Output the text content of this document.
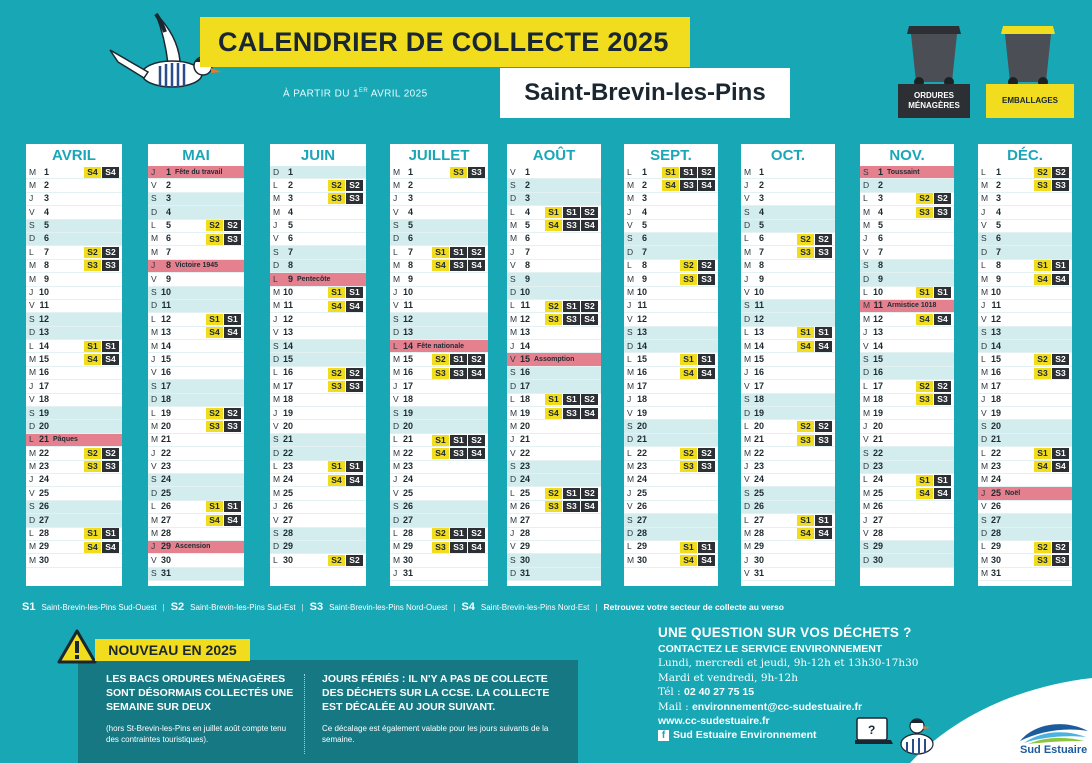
CALENDRIER DE COLLECTE 2025
À PARTIR DU 1ER AVRIL 2025	Saint-Brevin-les-Pins	ORDURES MÉNAGÈRES
EMBALLAGES
AVRIL
M 1	S4 S4
M 2
J	3
V	4
S	5
D 6
L	7	S2 S2
M 8	S3 S3
M 9
J 10
V 11
S 12
D 13
L 14	S1 S1
M 15	S4 S4
M 16
J 17
V 18
S 19
D 20
L 21 Pâques
M 22	S2 S2
M 23	S3 S3
J 24
V 25
S 26
D 27
L 28	S1 S1
M 29	S4 S4
M 30
MAI
J	1 Fête du travail
V	2
S	3
D 4
L	5	S2 S2
M 6	S3 S3
M 7
J	8 Victoire 1945
V	9
S 10
D 11
L 12	S1 S1
M 13	S4 S4
M 14
J 15
V 16
S 17
D 18
L 19	S2 S2
M 20	S3 S3
M 21
J 22
V 23
S 24
D 25
L 26	S1 S1
M 27	S4 S4
M 28
J 29 Ascension
V 30
S 31
JUIN
D 1
L	2	S2 S2
M 3	S3 S3
M 4
J	5
V	6
S	7
D 8
L	9 Pentecôte
M 10	S1 S1
M 11	S4 S4
J 12
V 13
S 14
D 15
L 16	S2 S2
M 17	S3 S3
M 18
J 19
V 20
S 21
D 22
L 23	S1 S1
M 24	S4 S4
M 25
J 26
V 27
S 28
D 29
L 30	S2 S2
JUILLET
M 1	S3 S3
M 2
J	3
V	4
S	5
D 6
L	7	S1 S1 S2
M 8	S4 S3 S4
M 9
J 10
V 11
S 12
D 13
L 14 Fête nationale
M 15	S2 S1 S2
M 16	S3 S3 S4
J 17
V 18
S 19
D 20
L 21	S1 S1 S2
M 22	S4 S3 S4
M 23
J 24
V 25
S 26
D 27
L 28	S2 S1 S2
M 29	S3 S3 S4
M 30
J 31
AOÛT
V	1
S	2
D 3
L	4	S1 S1 S2
M 5	S4 S3 S4
M 6
J	7
V	8
S	9
D 10
L 11	S2 S1 S2
M 12	S3 S3 S4
M 13
J 14
V 15 Assomption
S 16
D 17
L 18	S1 S1 S2
M 19	S4 S3 S4
M 20
J 21
V 22
S 23
D 24
L 25	S2 S1 S2
M 26	S3 S3 S4
M 27
J 28
V 29
S 30
D 31
SEPT.
L	1	S1 S1 S2
M 2	S4 S3 S4
M 3
J	4
V	5
S	6
D 7
L	8	S2 S2
M 9	S3 S3
M 10
J 11
V 12
S 13
D 14
L 15	S1 S1
M 16	S4 S4
M 17
J 18
V 19
S 20
D 21
L 22	S2 S2
M 23	S3 S3
M 24
J 25
V 26
S 27
D 28
L 29	S1 S1
M 30	S4 S4
OCT.
M 1
J	2
V	3
S	4
D 5
L	6	S2 S2
M 7	S3 S3
M 8
J	9
V 10
S 11
D 12
L 13	S1 S1
M 14	S4 S4
M 15
J 16
V 17
S 18
D 19
L 20	S2 S2
M 21	S3 S3
M 22
J 23
V 24
S 25
D 26
L 27	S1 S1
M 28	S4 S4
M 29
J 30
V 31
NOV.
S	1 Toussaint
D 2
L	3	S2 S2
M 4	S3 S3
M 5
J	6
V	7
S	8
D 9
L 10	S1 S1
M 11 Armistice 1018
M 12	S4 S4
J 13
V 14
S 15
D 16
L 17	S2 S2
M 18	S3 S3
M 19
J 20
V 21
S 22
D 23
L 24	S1 S1
M 25	S4 S4
M 26
J 27
V 28
S 29
D 30
DÉC.
L	1	S2 S2
M 2	S3 S3
M 3
J	4
V	5
S	6
D 7
L	8	S1 S1
M 9	S4 S4
M 10
J 11
V 12
S 13
D 14
L 15	S2 S2
M 16	S3 S3
M 17
J 18
V 19
S 20
D 21
L 22	S1 S1
M 23	S4 S4
M 24
J 25 Noël
V 26
S 27
D 28
L 29	S2 S2
M 30	S3 S3
M 31
S1 Saint-Brevin-les-Pins Sud-Ouest | S2 Saint-Brevin-les-Pins Sud-Est | S3 Saint-Brevin-les-Pins Nord-Ouest | S4 Saint-Brevin-les-Pins Nord-Est | Retrouvez votre secteur de collecte au verso
LES BACS ORDURES MÉNAGÈRES SONT DÉSORMAIS COLLECTÉS UNE SEMAINE SUR DEUX
(hors St-Brevin-les-Pins en juillet août compte tenu des contraintes touristiques).
JOURS FÉRIÉS : IL N'Y A PAS DE COLLECTE DES DÉCHETS SUR LA CCSE. LA COLLECTE EST DÉCALÉE AU JOUR SUIVANT.
Ce décalage est également valable pour les jours suivants de la semaine.
NOUVEAU EN 2025
UNE QUESTION SUR VOS DÉCHETS ?
CONTACTEZ LE SERVICE ENVIRONNEMENT
Lundi, mercredi et jeudi, 9h-12h et 13h30-17h30
Mardi et vendredi, 9h-12h
Tél : 02 40 27 75 15
Mail : environnement@cc-sudestuaire.fr
www.cc-sudestuaire.fr
f Sud Estuaire Environnement	?
Sud Estuaire
